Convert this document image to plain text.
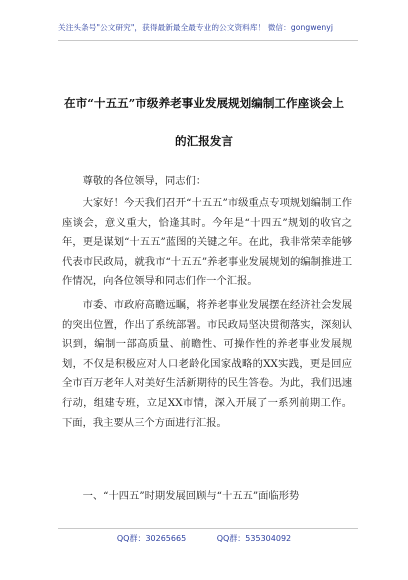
关注头条号"公文研究"，获得最新最全最专业的公文资料库！ 微信：gongwenyj
在市“十五五”市级养老事业发展规划编制工作座谈会上
的汇报发言

尊敬的各位领导，同志们：

大家好！今天我们召开“十五五”市级重点专项规划编制工作座谈会，意义重大，恰逢其时。今年是“十四五”规划的收官之年，更是谋划“十五五”蓝图的关键之年。在此，我非常荣幸能够代表市民政局，就我市“十五五”养老事业发展规划的编制推进工作情况，向各位领导和同志们作一个汇报。

市委、市政府高瞻远瞩，将养老事业发展摆在经济社会发展的突出位置，作出了系统部署。市民政局坚决贯彻落实，深刻认识到，编制一部高质量、前瞻性、可操作性的养老事业发展规划，不仅是积极应对人口老龄化国家战略的XX实践，更是回应全市百万老年人对美好生活新期待的民生答卷。为此，我们迅速行动，组建专班，立足XX市情，深入开展了一系列前期工作。下面，我主要从三个方面进行汇报。

一、“十四五”时期发展回顾与“十五五”面临形势

QQ群：30265665	QQ群：535304092
